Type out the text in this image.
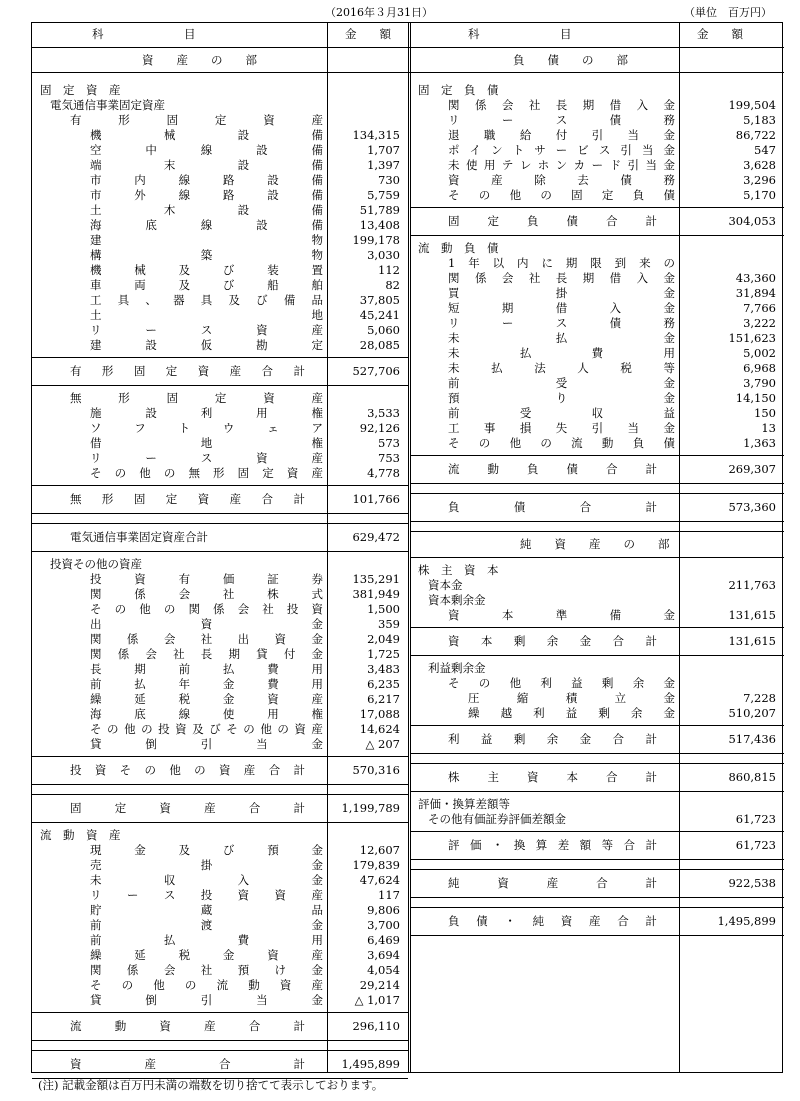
（2016年３月31日）	（単位　百万円）
科　　　　　　　目	金　　額	科　　　　　　　目	金　　額
資　　産　　の　　部	負　　債　　の　　部
固　定　資　産
電気通信事業固定資産
有	形	固	定	資	産
機	械	設	備	134,315
空	中	線	設	備	1,707
端	末	設	備	1,397
市	内	線	路	設	備	730
市	外	線	路	設	備	5,759
土	木	設	備	51,789
海	底	線	設	備	13,408
建	物	199,178
構	築	物	3,030
機	械	及	び	装	置	112
車	両	及	び	船	舶	82
工 具 、 器 具 及 び 備 品	37,805
土	地	45,241
リ	ー	ス	資	産	5,060
建	設	仮	勘	定	28,085
有 形 固 定 資 産 合 計	527,706
無	形	固	定	資	産
施	設	利	用	権	3,533
ソ	フ	ト	ウ	ェ	ア	92,126
借	地	権	573
リ	ー	ス	資	産	753
そ の 他 の 無 形 固 定 資 産	4,778
無 形 固 定 資 産 合 計	101,766
電気通信事業固定資産合計	629,472
投資その他の資産
投	資	有	価	証	券	135,291
関	係	会	社	株	式	381,949
そ の 他 の 関 係 会 社 投 資	1,500
出	資	金	359
関 係 会 社 出 資 金	2,049
関 係 会 社 長 期 貸 付 金	1,725
長	期	前	払	費	用	3,483
前	払	年	金	費	用	6,235
繰	延	税	金	資	産	6,217
海	底	線	使	用	権	17,088
そ の 他 の 投 資 及 び そ の 他 の 資 産	14,624
貸	倒	引	当	金	△ 207
投 資 そ の 他 の 資 産 合 計	570,316
固	定	資	産	合	計	1,199,789
流　動　資　産
現	金	及	び	預	金	12,607
売	掛	金	179,839
未	収	入	金	47,624
リ ー ス 投 資 資 産	117
貯	蔵	品	9,806
前	渡	金	3,700
前	払	費	用	6,469
繰	延	税	金	資	産	3,694
関 係 会 社 預 け 金	4,054
そ の 他 の 流 動 資 産	29,214
貸	倒	引	当	金	△ 1,017
流	動	資	産	合	計	296,110
資	産	合	計	1,495,899
固　定　負　債
関 係 会 社 長 期 借 入 金	199,504
リ	ー	ス	債	務	5,183
退 職 給 付 引 当 金	86,722
ポ イ ン ト サ ー ビ ス 引 当 金	547
未 使 用 テ レ ホ ン カ ー ド 引 当 金	3,628
資	産	除	去	債	務	3,296
そ の 他 の 固 定 負 債	5,170
固 定 負 債 合 計	304,053
流　動　負　債
1 年 以 内 に 期 限 到 来 の
関 係 会 社 長 期 借 入 金	43,360
買	掛	金	31,894
短	期	借	入	金	7,766
リ	ー	ス	債	務	3,222
未	払	金	151,623
未	払	費	用	5,002
未	払	法	人	税	等	6,968
前	受	金	3,790
預	り	金	14,150
前	受	収	益	150
工 事 損 失 引 当 金	13
そ の 他 の 流 動 負 債	1,363
流 動 負 債 合 計	269,307
負	債	合	計	573,360
純　　資　　産　　の　　部
株　主　資　本
資本金	211,763
資本剰余金
資	本	準	備	金	131,615
資 本 剰 余 金 合 計	131,615
利益剰余金
そ の 他 利 益 剰 余 金
圧	縮	積	立	金	7,228
繰 越 利 益 剰 余 金	510,207
利 益 剰 余 金 合 計	517,436
株 主 資 本 合 計	860,815
評価・換算差額等
その他有価証券評価差額金	61,723
評 価 ・ 換 算 差 額 等 合 計	61,723
純	資	産	合	計	922,538
負 債 ・ 純 資 産 合 計	1,495,899
(注) 記載金額は百万円未満の端数を切り捨てて表示しております。
